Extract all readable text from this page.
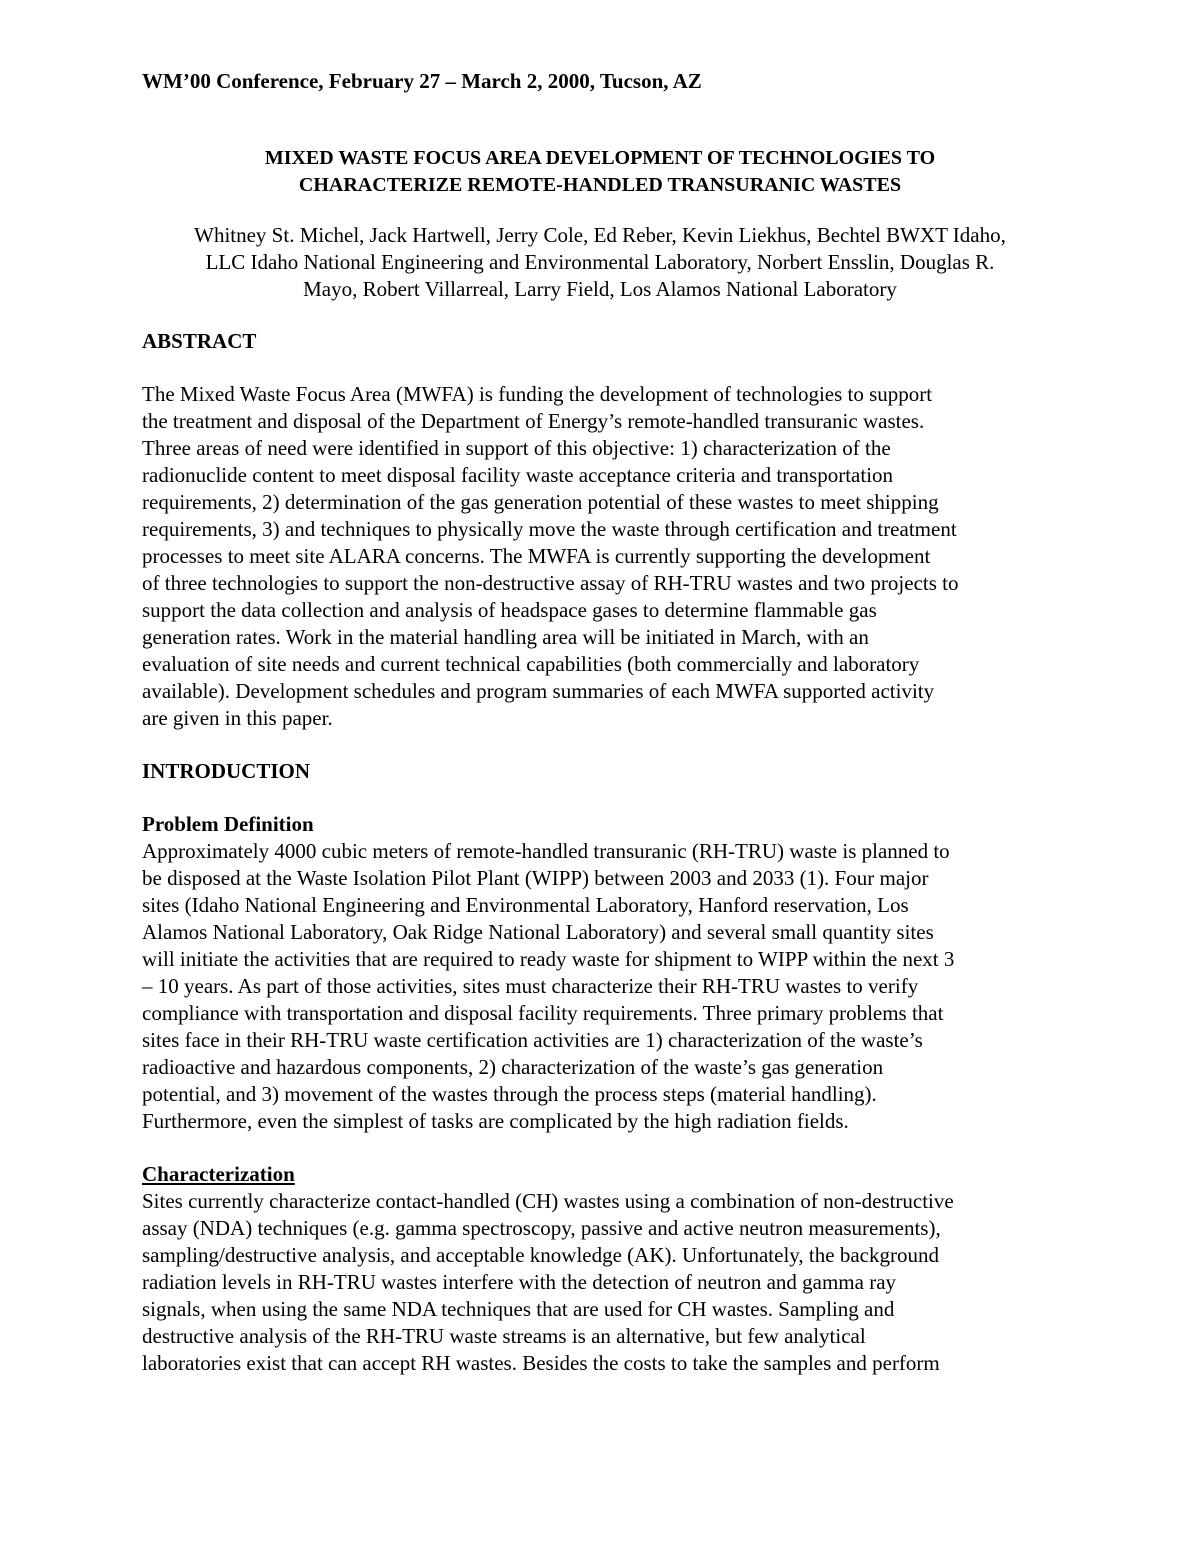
WM’00 Conference, February 27 – March 2, 2000, Tucson, AZ

MIXED WASTE FOCUS AREA DEVELOPMENT OF TECHNOLOGIES TO
CHARACTERIZE REMOTE-HANDLED TRANSURANIC WASTES
Whitney St. Michel, Jack Hartwell, Jerry Cole, Ed Reber, Kevin Liekhus, Bechtel BWXT Idaho,
LLC Idaho National Engineering and Environmental Laboratory, Norbert Ensslin, Douglas R.
Mayo, Robert Villarreal, Larry Field, Los Alamos National Laboratory
ABSTRACT

The Mixed Waste Focus Area (MWFA) is funding the development of technologies to support
the treatment and disposal of the Department of Energy’s remote-handled transuranic wastes.
Three areas of need were identified in support of this objective: 1) characterization of the
radionuclide content to meet disposal facility waste acceptance criteria and transportation
requirements, 2) determination of the gas generation potential of these wastes to meet shipping
requirements, 3) and techniques to physically move the waste through certification and treatment
processes to meet site ALARA concerns. The MWFA is currently supporting the development
of three technologies to support the non-destructive assay of RH-TRU wastes and two projects to
support the data collection and analysis of headspace gases to determine flammable gas
generation rates. Work in the material handling area will be initiated in March, with an
evaluation of site needs and current technical capabilities (both commercially and laboratory
available). Development schedules and program summaries of each MWFA supported activity
are given in this paper.

INTRODUCTION
Problem Definition

Approximately 4000 cubic meters of remote-handled transuranic (RH-TRU) waste is planned to
be disposed at the Waste Isolation Pilot Plant (WIPP) between 2003 and 2033 (1). Four major
sites (Idaho National Engineering and Environmental Laboratory, Hanford reservation, Los
Alamos National Laboratory, Oak Ridge National Laboratory) and several small quantity sites
will initiate the activities that are required to ready waste for shipment to WIPP within the next 3
– 10 years. As part of those activities, sites must characterize their RH-TRU wastes to verify
compliance with transportation and disposal facility requirements. Three primary problems that
sites face in their RH-TRU waste certification activities are 1) characterization of the waste’s
radioactive and hazardous components, 2) characterization of the waste’s gas generation
potential, and 3) movement of the wastes through the process steps (material handling).
Furthermore, even the simplest of tasks are complicated by the high radiation fields.

Characterization

Sites currently characterize contact-handled (CH) wastes using a combination of non-destructive
assay (NDA) techniques (e.g. gamma spectroscopy, passive and active neutron measurements),
sampling/destructive analysis, and acceptable knowledge (AK). Unfortunately, the background
radiation levels in RH-TRU wastes interfere with the detection of neutron and gamma ray
signals, when using the same NDA techniques that are used for CH wastes. Sampling and
destructive analysis of the RH-TRU waste streams is an alternative, but few analytical
laboratories exist that can accept RH wastes. Besides the costs to take the samples and perform
